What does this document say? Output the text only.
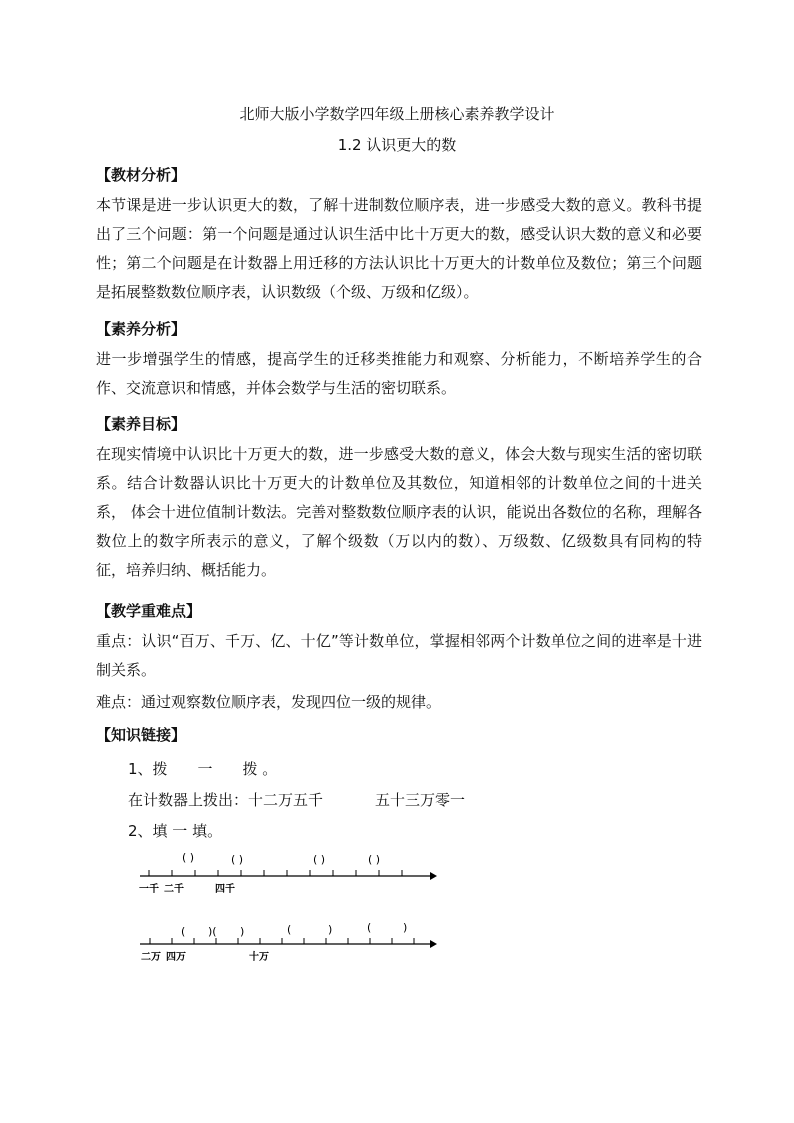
北师大版小学数学四年级上册核心素养教学设计
1.2 认识更大的数
【教材分析】
本节课是进一步认识更大的数，了解十进制数位顺序表，进一步感受大数的意义。教科书提出了三个问题：第一个问题是通过认识生活中比十万更大的数，感受认识大数的意义和必要性；第二个问题是在计数器上用迁移的方法认识比十万更大的计数单位及数位；第三个问题是拓展整数数位顺序表，认识数级（个级、万级和亿级）。
【素养分析】
进一步增强学生的情感，提高学生的迁移类推能力和观察、分析能力，不断培养学生的合作、交流意识和情感，并体会数学与生活的密切联系。
【素养目标】
在现实情境中认识比十万更大的数，进一步感受大数的意义，体会大数与现实生活的密切联系。结合计数器认识比十万更大的计数单位及其数位，知道相邻的计数单位之间的十进关系， 体会十进位值制计数法。完善对整数数位顺序表的认识，能说出各数位的名称，理解各数位上的数字所表示的意义，了解个级数（万以内的数）、万级数、亿级数具有同构的特征，培养归纳、概括能力。
【教学重难点】
重点：认识“百万、千万、亿、十亿”等计数单位，掌握相邻两个计数单位之间的进率是十进制关系。
难点：通过观察数位顺序表，发现四位一级的规律。
【知识链接】
1、拨　　一　　拨 。
在计数器上拨出：十二万五千	五十三万零一
2、填 一 填。
( )	( )	( )	( )
一千 二千	四千
( )( )	(	)	(	)
二万 四万	十万
